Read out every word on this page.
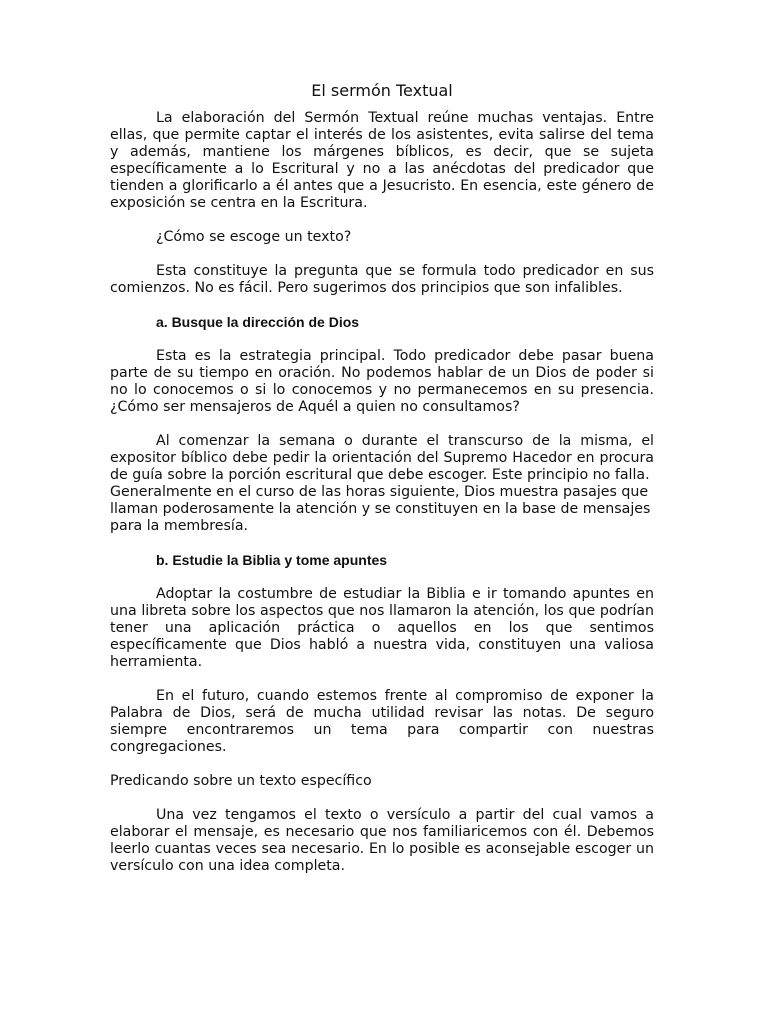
El sermón Textual

La elaboración del Sermón Textual reúne muchas ventajas. Entre ellas, que permite captar el interés de los asistentes, evita salirse del tema y además, mantiene los márgenes bíblicos, es decir, que se sujeta específicamente a lo Escritural y no a las anécdotas del predicador que tienden a glorificarlo a él antes que a Jesucristo. En esencia, este género de exposición se centra en la Escritura.

¿Cómo se escoge un texto?

Esta constituye la pregunta que se formula todo predicador en sus comienzos. No es fácil. Pero sugerimos dos principios que son infalibles.

a. Busque la dirección de Dios

Esta es la estrategia principal. Todo predicador debe pasar buena parte de su tiempo en oración. No podemos hablar de un Dios de poder si no lo conocemos o si lo conocemos y no permanecemos en su presencia. ¿Cómo ser mensajeros de Aquél a quien no consultamos?

Al comenzar la semana o durante el transcurso de la misma, el expositor bíblico debe pedir la orientación del Supremo Hacedor en procura de guía sobre la porción escritural que debe escoger. Este principio no falla.

Generalmente en el curso de las horas siguiente, Dios muestra pasajes que llaman poderosamente la atención y se constituyen en la base de mensajes para la membresía.

b. Estudie la Biblia y tome apuntes

Adoptar la costumbre de estudiar la Biblia e ir tomando apuntes en una libreta sobre los aspectos que nos llamaron la atención, los que podrían tener una aplicación práctica o aquellos en los que sentimos específicamente que Dios habló a nuestra vida, constituyen una valiosa herramienta.

En el futuro, cuando estemos frente al compromiso de exponer la Palabra de Dios, será de mucha utilidad revisar las notas. De seguro siempre encontraremos un tema para compartir con nuestras congregaciones.

Predicando sobre un texto específico

Una vez tengamos el texto o versículo a partir del cual vamos a elaborar el mensaje, es necesario que nos familiaricemos con él. Debemos leerlo cuantas veces sea necesario. En lo posible es aconsejable escoger un versículo con una idea completa.
